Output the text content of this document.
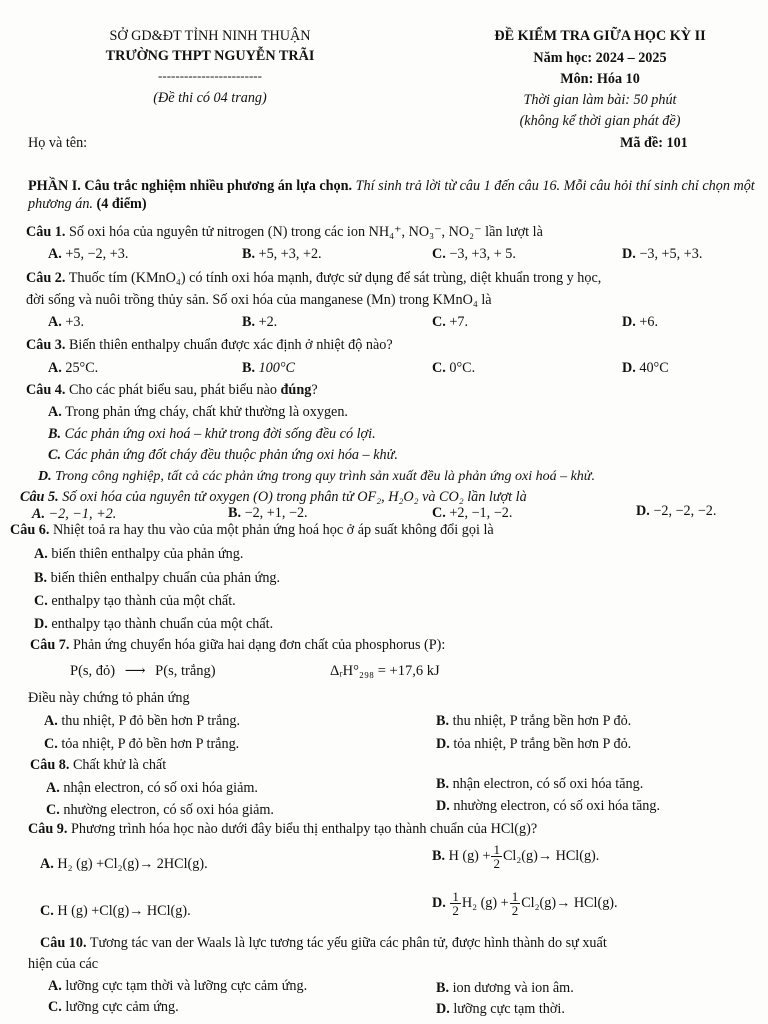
SỞ GD&ĐT TỈNH NINH THUẬN
TRƯỜNG THPT NGUYỄN TRÃI
------------------------
(Đề thi có 04 trang)
ĐỀ KIỂM TRA GIỮA HỌC KỲ II
Năm học: 2024 – 2025
Môn: Hóa 10
Thời gian làm bài: 50 phút
(không kể thời gian phát đề)
Họ và tên:	Mã đề: 101
PHẦN I. Câu trắc nghiệm nhiều phương án lựa chọn. Thí sinh trả lời từ câu 1 đến câu 16. Mỗi câu hỏi thí sinh chỉ chọn một phương án. (4 điểm)
Câu 1. Số oxi hóa của nguyên tử nitrogen (N) trong các ion NH₄⁺, NO₃⁻, NO₂⁻ lần lượt là
A. +5, −2, +3.	B. +5, +3, +2.	C. −3, +3, + 5.	D. −3, +5, +3.
Câu 2. Thuốc tím (KMnO₄) có tính oxi hóa mạnh, được sử dụng để sát trùng, diệt khuẩn trong y học,
đời sống và nuôi trồng thủy sản. Số oxi hóa của manganese (Mn) trong KMnO₄ là
A. +3.	B. +2.	C. +7.	D. +6.
Câu 3. Biến thiên enthalpy chuẩn được xác định ở nhiệt độ nào?
A. 25°C.	B. 100°C	C. 0°C.	D. 40°C
Câu 4. Cho các phát biểu sau, phát biểu nào đúng?
A. Trong phản ứng cháy, chất khử thường là oxygen.
B. Các phản ứng oxi hoá – khử trong đời sống đều có lợi.
C. Các phản ứng đốt cháy đều thuộc phản ứng oxi hóa – khử.
D. Trong công nghiệp, tất cả các phản ứng trong quy trình sản xuất đều là phản ứng oxi hoá – khử.
Câu 5. Số oxi hóa của nguyên tử oxygen (O) trong phân tử OF₂, H₂O₂ và CO₂ lần lượt là
A. −2, −1, +2.	B. −2, +1, −2.	C. +2, −1, −2.	D. −2, −2, −2.
Câu 6. Nhiệt toả ra hay thu vào của một phản ứng hoá học ở áp suất không đổi gọi là
A. biến thiên enthalpy của phản ứng.
B. biến thiên enthalpy chuẩn của phản ứng.
C. enthalpy tạo thành của một chất.
D. enthalpy tạo thành chuẩn của một chất.
Câu 7. Phản ứng chuyển hóa giữa hai dạng đơn chất của phosphorus (P):
P(s, đỏ) ⟶ P(s, trắng)	ΔᵣH°₂₉₈ = +17,6 kJ
Điều này chứng tỏ phản ứng
A. thu nhiệt, P đỏ bền hơn P trắng.	B. thu nhiệt, P trắng bền hơn P đỏ.
C. tỏa nhiệt, P đỏ bền hơn P trắng.	D. tỏa nhiệt, P trắng bền hơn P đỏ.
Câu 8. Chất khử là chất
A. nhận electron, có số oxi hóa giảm.	B. nhận electron, có số oxi hóa tăng.
C. nhường electron, có số oxi hóa giảm.	D. nhường electron, có số oxi hóa tăng.
Câu 9. Phương trình hóa học nào dưới đây biểu thị enthalpy tạo thành chuẩn của HCl(g)?
A. H₂ (g) +Cl₂(g)→ 2HCl(g).
B. H $(g) + \frac{1}{2} Cl_2(g)\to HCl(g)$.
C. H (g) +Cl(g)→ HCl(g).
D. $\frac{1}{2} H_2$ $(g) + \frac{1}{2} Cl_2(g)\to HCl(g)$.
Câu 10. Tương tác van der Waals là lực tương tác yếu giữa các phân tử, được hình thành do sự xuất
hiện của các
A. lưỡng cực tạm thời và lưỡng cực cảm ứng.	B. ion dương và ion âm.
C. lưỡng cực cảm ứng.	D. lưỡng cực tạm thời.
